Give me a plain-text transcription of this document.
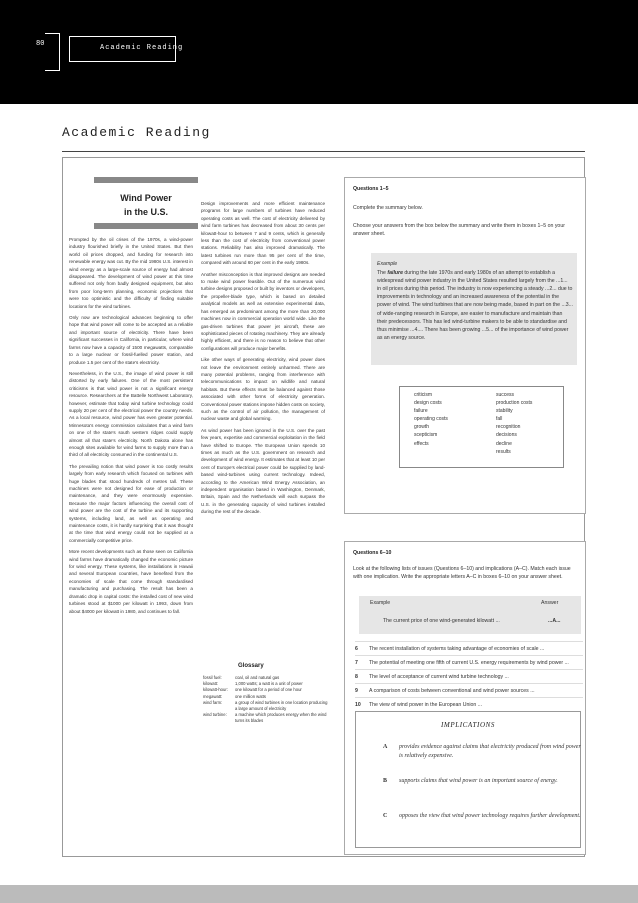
80	Academic Reading
Academic Reading
Wind Power
in the U.S.

Prompted by the oil crises of the 1970s, a wind-power industry flourished briefly in the United States. But then world oil prices dropped, and funding for research into renewable energy was cut. By the mid 1980s U.S. interest in wind energy as a large-scale source of energy had almost disappeared. The development of wind power at this time suffered not only from badly designed equipment, but also from poor long-term planning, economic projections that were too optimistic and the difficulty of finding suitable locations for the wind turbines.

Only now are technological advances beginning to offer hope that wind power will come to be accepted as a reliable and important source of electricity. There have been significant successes in California, in particular, where wind farms now have a capacity of 1500 megawatts, comparable to a large nuclear or fossil-fuelled power station, and produce 1.5 per cent of the state's electricity.

Nevertheless, in the U.S., the image of wind power is still distorted by early failures. One of the most persistent criticisms is that wind power is not a significant energy resource. Researchers at the Battelle Northwest Laboratory, however, estimate that today wind turbine technology could supply 20 per cent of the electrical power the country needs. As a local resource, wind power has even greater potential. Minnesota's energy commission calculates that a wind farm on one of the state's south western ridges could supply almost all that state's electricity. North Dakota alone has enough sites available for wind farms to supply more than a third of all electricity consumed in the continental U.S.

The prevailing notion that wind power is too costly results largely from early research which focused on turbines with huge blades that stood hundreds of metres tall. These machines were not designed for ease of production or maintenance, and they were enormously expensive. Because the major factors influencing the overall cost of wind power are the cost of the turbine and its supporting systems, including land, as well as operating and maintenance costs, it is hardly surprising that it was thought at the time that wind energy could not be supplied at a commercially competitive price.

More recent developments such as those seen on California wind farms have dramatically changed the economic picture for wind energy. These systems, like installations in Hawaii and several European countries, have benefited from the economies of scale that come through standardised manufacturing and purchasing. The result has been a dramatic drop in capital costs: the installed cost of new wind turbines stood at $1000 per kilowatt in 1993, down from about $4000 per kilowatt in 1980, and continues to fall.

Design improvements and more efficient maintenance programs for large numbers of turbines have reduced operating costs as well. The cost of electricity delivered by wind farm turbines has decreased from about 30 cents per kilowatt-hour to between 7 and 9 cents, which is generally less than the cost of electricity from conventional power stations. Reliability has also improved dramatically. The latest turbines run more than 95 per cent of the time, compared with around 60 per cent in the early 1980s.

Another misconception is that improved designs are needed to make wind power feasible. Out of the numerous wind turbine designs proposed or built by inventors or developers, the propeller-blade type, which is based on detailed analytical models as well as extensive experimental data, has emerged as predominant among the more than 20,000 machines now in commercial operation world wide. Like the gas-driven turbines that power jet aircraft, these are sophisticated pieces of rotating machinery. They are already highly efficient, and there is no reason to believe that other configurations will produce major benefits.

Like other ways of generating electricity, wind power does not leave the environment entirely unharmed. There are many potential problems, ranging from interference with telecommunications to impact on wildlife and natural habitats. But these effects must be balanced against those associated with other forms of electricity generation. Conventional power stations impose hidden costs on society, such as the control of air pollution, the management of nuclear waste and global warming.

As wind power has been ignored in the U.S. over the past few years, expertise and commercial exploitation in the field have shifted to Europe. The European Union spends 10 times as much as the U.S. government on research and development of wind energy. It estimates that at least 10 per cent of Europe's electrical power could be supplied by land-based wind-turbines using current technology. Indeed, according to the American Wind Energy Association, an independent organisation based in Washington, Denmark, Britain, Spain and the Netherlands will each surpass the U.S. in the generating capacity of wind turbines installed during the rest of the decade.

Glossary
fossil fuel:	coal, oil and natural gas
kilowatt:	1,000 watts; a watt is a unit of power
kilowatt-hour:	one kilowatt for a period of one hour
megawatt:	one million watts
wind farm:	a group of wind turbines in one location producing a large amount of electricity
wind turbine:	a machine which produces energy when the wind turns its blades
Questions 1–5
Complete the summary below.
Choose your answers from the box below the summary and write them in boxes 1–5 on your answer sheet.
Example
The failure during the late 1970s and early 1980s of an attempt to establish a widespread wind power industry in the United States resulted largely from the ...1... in oil prices during this period. The industry is now experiencing a steady ...2... due to improvements in technology and an increased awareness of the potential in the power of wind. The wind turbines that are now being made, based in part on the ...3... of wide-ranging research in Europe, are easier to manufacture and maintain than their predecessors. This has led wind-turbine makers to be able to standardise and thus minimise ...4.... There has been growing ...5... of the importance of wind power as an energy source.
criticism
design costs
failure
operating costs
growth
scepticism
effects
success
production costs
stability
fall
recognition
decisions
decline
results
Questions 6–10
Look at the following lists of issues (Questions 6–10) and implications (A–C). Match each issue with one implication. Write the appropriate letters A–C in boxes 6–10 on your answer sheet.
Example	Answer
The current price of one wind-generated kilowatt ...	...A...
6	The recent installation of systems taking advantage of economies of scale ...
7	The potential of meeting one fifth of current U.S. energy requirements by wind power ...
8	The level of acceptance of current wind turbine technology ...
9	A comparison of costs between conventional and wind power sources ...
10	The view of wind power in the European Union ...
IMPLICATIONS
A	provides evidence against claims that electricity produced from wind power is relatively expensive.
B	supports claims that wind power is an important source of energy.
C	opposes the view that wind power technology requires further development.
